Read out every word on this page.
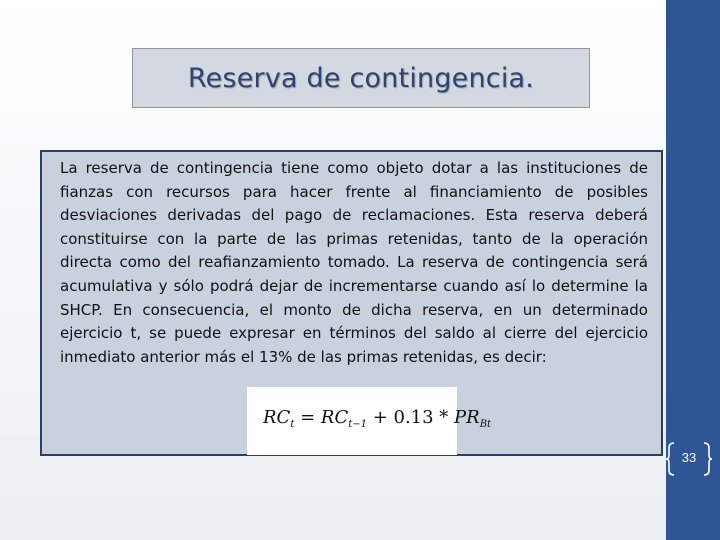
Reserva de contingencia.

La reserva de contingencia tiene como objeto dotar a las instituciones de fianzas con recursos para hacer frente al financiamiento de posibles desviaciones derivadas del pago de reclamaciones. Esta reserva deberá constituirse con la parte de las primas retenidas, tanto de la operación directa como del reafianzamiento tomado. La reserva de contingencia será acumulativa y sólo podrá dejar de incrementarse cuando así lo determine la SHCP. En consecuencia, el monto de dicha reserva, en un determinado ejercicio t, se puede expresar en términos del saldo al cierre del ejercicio inmediato anterior más el 13% de las primas retenidas, es decir:

$RC_t = RC_{t-1} + 0.13 * PR_{Bt}$
33
